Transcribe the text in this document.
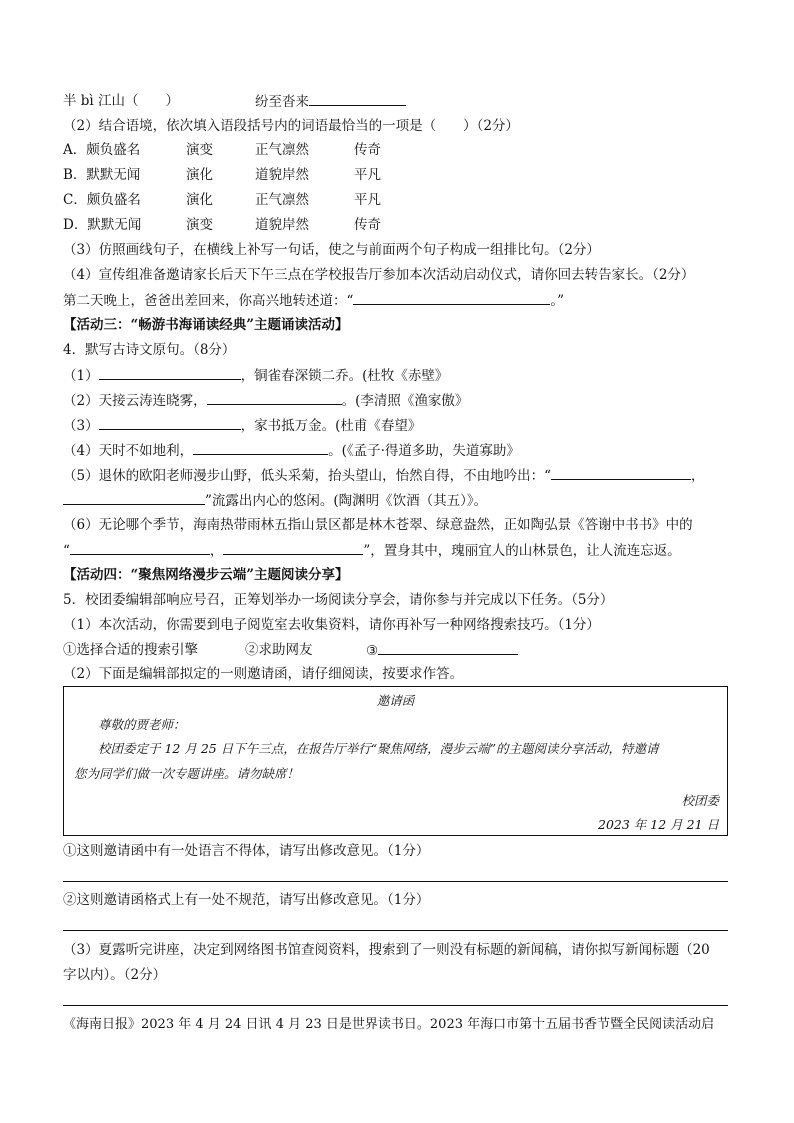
半 bì 江山（　　）	纷至沓来
（2）结合语境，依次填入语段括号内的词语最恰当的一项是（　　）（2分）
A．颇负盛名	演变	正气凛然	传奇
B．默默无闻	演化	道貌岸然	平凡
C．颇负盛名	演化	正气凛然	平凡
D．默默无闻	演变	道貌岸然	传奇
（3）仿照画线句子，在横线上补写一句话，使之与前面两个句子构成一组排比句。（2分）
（4）宣传组准备邀请家长后天下午三点在学校报告厅参加本次活动启动仪式，请你回去转告家长。（2分）
第二天晚上，爸爸出差回来，你高兴地转述道：“	。”
【活动三：“畅游书海诵读经典”主题诵读活动】
4．默写古诗文原句。（8分）
（1）	，铜雀春深锁二乔。(杜牧《赤壁》
（2）天接云涛连晓雾，	。(李清照《渔家傲》
（3）	，家书抵万金。(杜甫《春望》
（4）天时不如地利，	。(《孟子·得道多助，失道寡助》
（5）退休的欧阳老师漫步山野，低头采菊，抬头望山，怡然自得，不由地吟出：“	，
”流露出内心的悠闲。(陶渊明《饮酒（其五）》。
（6）无论哪个季节，海南热带雨林五指山景区都是林木苍翠、绿意盎然，正如陶弘景《答谢中书书》中的
“	，	”，置身其中，瑰丽宜人的山林景色，让人流连忘返。
【活动四：“聚焦网络漫步云端”主题阅读分享】
5．校团委编辑部响应号召，正筹划举办一场阅读分享会，请你参与并完成以下任务。（5分）
（1）本次活动，你需要到电子阅览室去收集资料，请你再补写一种网络搜索技巧。（1分）
①选择合适的搜索引擎	②求助网友	③
（2）下面是编辑部拟定的一则邀请函，请仔细阅读，按要求作答。
邀请函
尊敬的贾老师：
校团委定于 12 月 25 日下午三点，在报告厅举行“聚焦网络，漫步云端”的主题阅读分享活动，特邀请
您为同学们做一次专题讲座。请勿缺席！
校团委
2023 年 12 月 21 日
①这则邀请函中有一处语言不得体，请写出修改意见。（1分）
②这则邀请函格式上有一处不规范，请写出修改意见。（1分）
（3）夏露听完讲座，决定到网络图书馆查阅资料，搜索到了一则没有标题的新闻稿，请你拟写新闻标题（20
字以内）。（2分）
《海南日报》2023 年 4 月 24 日讯 4 月 23 日是世界读书日。2023 年海口市第十五届书香节暨全民阅读活动启
